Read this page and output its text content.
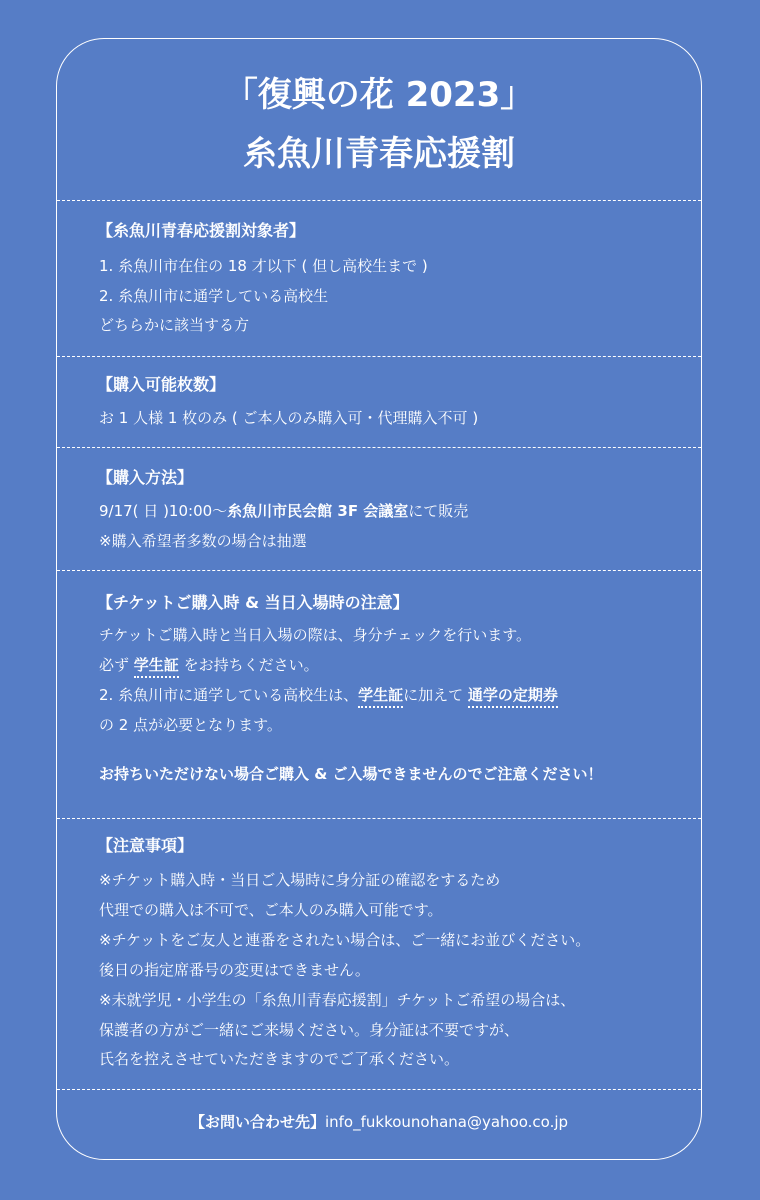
「復興の花 2023」
糸魚川青春応援割
【糸魚川青春応援割対象者】
1. 糸魚川市在住の 18 才以下 ( 但し高校生まで )
2. 糸魚川市に通学している高校生
どちらかに該当する方
【購入可能枚数】
お 1 人様 1 枚のみ ( ご本人のみ購入可・代理購入不可 )
【購入方法】
9/17( 日 )10:00～糸魚川市民会館 3F 会議室にて販売
※購入希望者多数の場合は抽選
【チケットご購入時 & 当日入場時の注意】
チケットご購入時と当日入場の際は、身分チェックを行います。
必ず 学生証 をお持ちください。
2. 糸魚川市に通学している高校生は、学生証に加えて 通学の定期券
の 2 点が必要となります。
お持ちいただけない場合ご購入 & ご入場できませんのでご注意ください！
【注意事項】
※チケット購入時・当日ご入場時に身分証の確認をするため
代理での購入は不可で、ご本人のみ購入可能です。
※チケットをご友人と連番をされたい場合は、ご一緒にお並びください。
後日の指定席番号の変更はできません。
※未就学児・小学生の「糸魚川青春応援割」チケットご希望の場合は、
保護者の方がご一緒にご来場ください。身分証は不要ですが、
氏名を控えさせていただきますのでご了承ください。
【お問い合わせ先】info_fukkounohana@yahoo.co.jp
